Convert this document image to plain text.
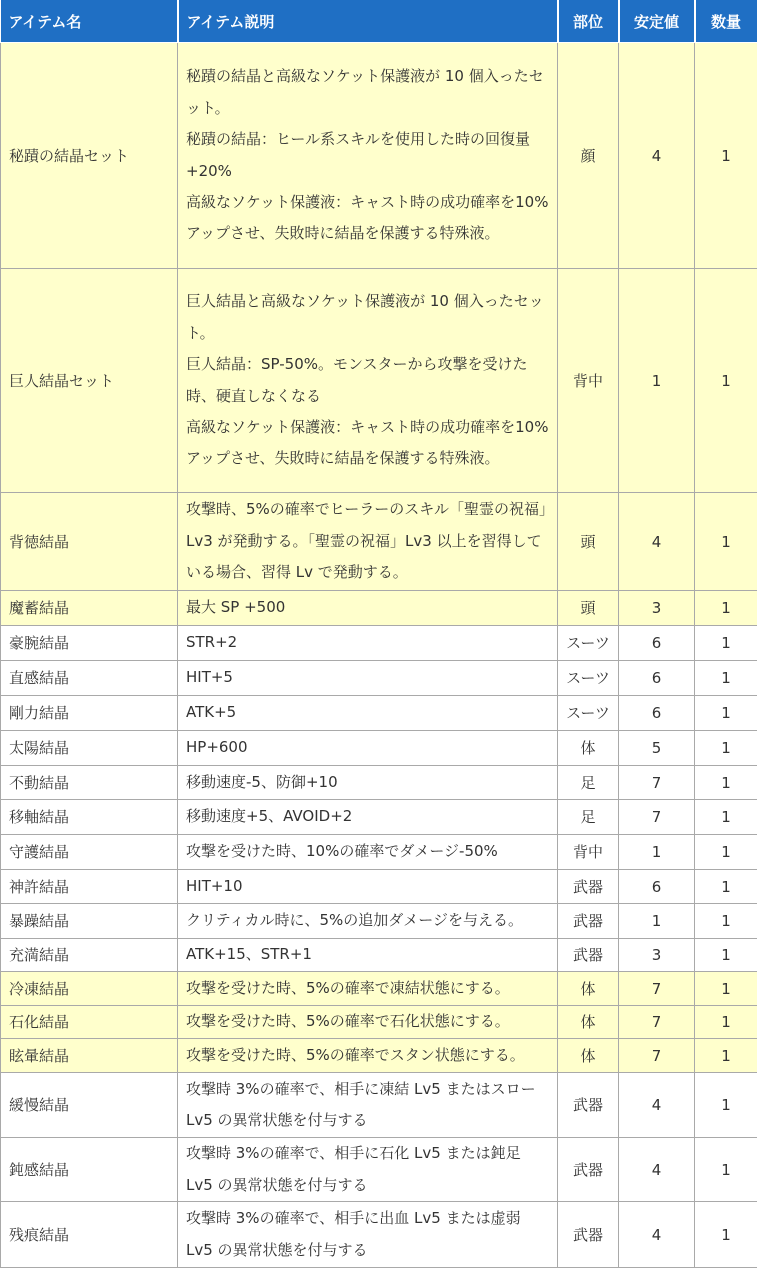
アイテム名	アイテム説明	部位	安定値	数量
秘蹟の結晶セット	秘蹟の結晶と高級なソケット保護液が 10 個入ったセット。
秘蹟の結晶：ヒール系スキルを使用した時の回復量+20%
高級なソケット保護液：キャスト時の成功確率を10%アップさせ、失敗時に結晶を保護する特殊液。	顔	4	1
巨人結晶セット	巨人結晶と高級なソケット保護液が 10 個入ったセット。
巨人結晶：SP-50%。モンスターから攻撃を受けた時、硬直しなくなる
高級なソケット保護液：キャスト時の成功確率を10%アップさせ、失敗時に結晶を保護する特殊液。	背中	1	1
背徳結晶	攻撃時、5%の確率でヒーラーのスキル「聖霊の祝福」Lv3 が発動する。「聖霊の祝福」Lv3 以上を習得している場合、習得 Lv で発動する。	頭	4	1
魔蓄結晶	最大 SP +500	頭	3	1
豪腕結晶	STR+2	スーツ	6	1
直感結晶	HIT+5	スーツ	6	1
剛力結晶	ATK+5	スーツ	6	1
太陽結晶	HP+600	体	5	1
不動結晶	移動速度-5、防御+10	足	7	1
移軸結晶	移動速度+5、AVOID+2	足	7	1
守護結晶	攻撃を受けた時、10%の確率でダメージ-50%	背中	1	1
神許結晶	HIT+10	武器	6	1
暴躁結晶	クリティカル時に、5%の追加ダメージを与える。	武器	1	1
充満結晶	ATK+15、STR+1	武器	3	1
冷凍結晶	攻撃を受けた時、5%の確率で凍結状態にする。	体	7	1
石化結晶	攻撃を受けた時、5%の確率で石化状態にする。	体	7	1
眩暈結晶	攻撃を受けた時、5%の確率でスタン状態にする。	体	7	1
緩慢結晶	攻撃時 3%の確率で、相手に凍結 Lv5 またはスローLv5 の異常状態を付与する	武器	4	1
鈍感結晶	攻撃時 3%の確率で、相手に石化 Lv5 または鈍足 Lv5 の異常状態を付与する	武器	4	1
残痕結晶	攻撃時 3%の確率で、相手に出血 Lv5 または虚弱 Lv5 の異常状態を付与する	武器	4	1
